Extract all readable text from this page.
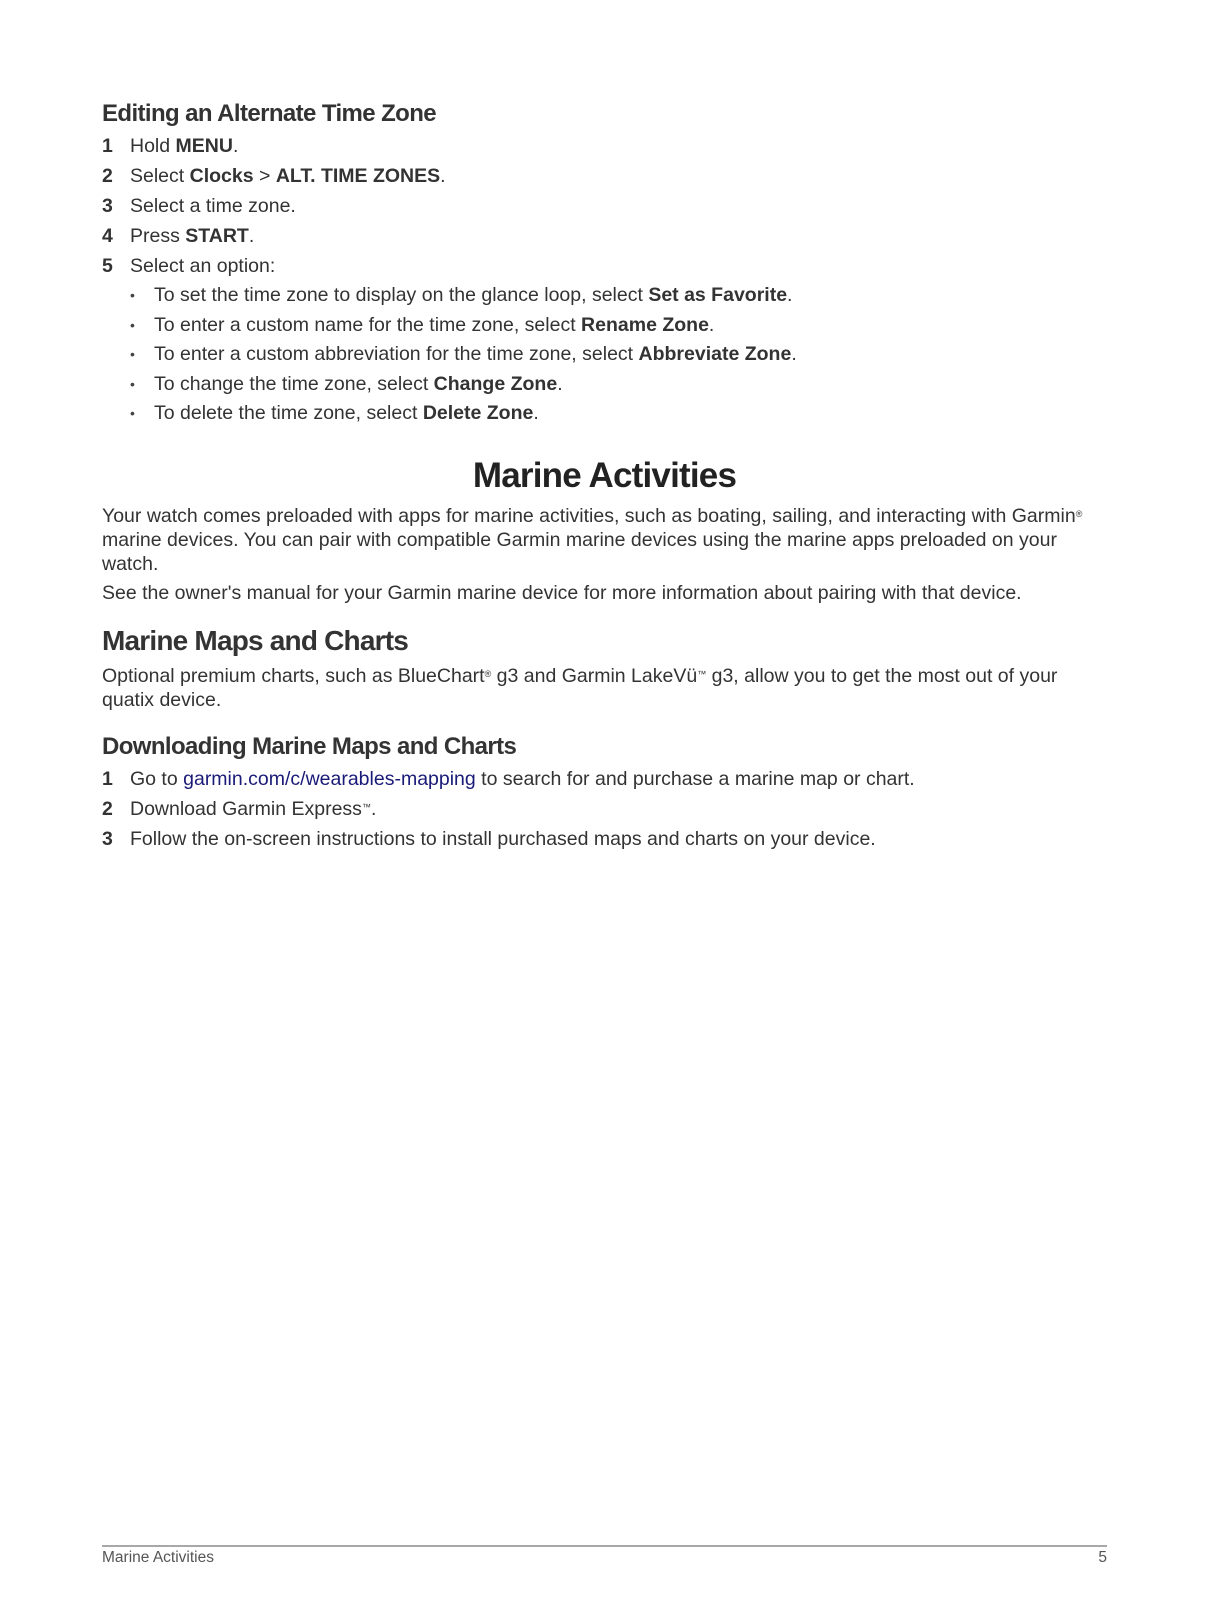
Editing an Alternate Time Zone
1 Hold MENU.
2 Select Clocks > ALT. TIME ZONES.
3 Select a time zone.
4 Press START.
5 Select an option:
• To set the time zone to display on the glance loop, select Set as Favorite.
• To enter a custom name for the time zone, select Rename Zone.
• To enter a custom abbreviation for the time zone, select Abbreviate Zone.
• To change the time zone, select Change Zone.
• To delete the time zone, select Delete Zone.
Marine Activities

Your watch comes preloaded with apps for marine activities, such as boating, sailing, and interacting with Garmin® marine devices. You can pair with compatible Garmin marine devices using the marine apps preloaded on your watch.

See the owner's manual for your Garmin marine device for more information about pairing with that device.

Marine Maps and Charts

Optional premium charts, such as BlueChart® g3 and Garmin LakeVü™ g3, allow you to get the most out of your quatix device.

Downloading Marine Maps and Charts
1 Go to garmin.com/c/wearables-mapping to search for and purchase a marine map or chart.
2 Download Garmin Express™.
3 Follow the on-screen instructions to install purchased maps and charts on your device.
Marine Activities	5
